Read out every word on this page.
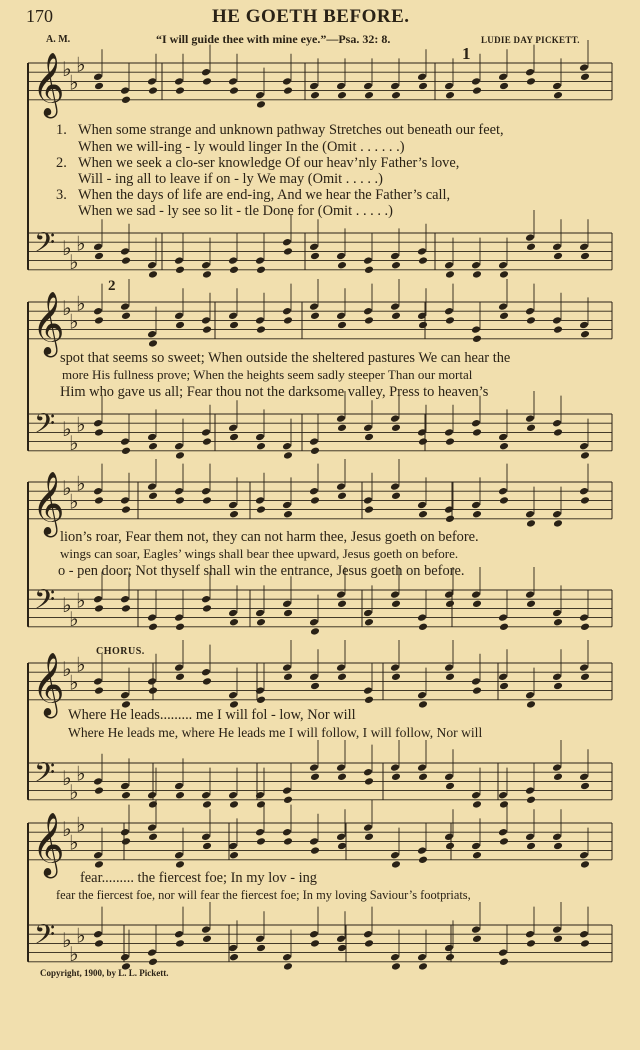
170	HE GOETH BEFORE.
A. M.	“I will guide thee with mine eye.”—Psa. 32: 8.	LUDIE DAY PICKETT.
𝄞
𝄢
♭
♭
♭
♭
♭
♭
𝄞
𝄢
♭
♭
♭
♭
♭
♭
𝄞
𝄢
♭
♭
♭
♭
♭
♭
𝄞
𝄢
♭
♭
♭
♭
♭
♭
𝄞
𝄢
♭
♭
♭
♭
♭
♭
1
2
1. When some strange and unknown pathway Stretches out beneath our feet,
When we will-ing - ly would linger In the (Omit . . . . . .)
2. When we seek a clo-ser knowledge Of our heav’nly Father’s love,
Will - ing all to leave if on - ly We may (Omit . . . . .)
3. When the days of life are end-ing, And we hear the Father’s call,
When we sad - ly see so lit - tle Done for (Omit . . . . .)
spot that seems so sweet; When outside the sheltered pastures We can hear the
more His fullness prove; When the heights seem sadly steeper Than our mortal
Him who gave us all; Fear thou not the darksome valley, Press to heaven’s
lion’s roar, Fear them not, they can not harm thee, Jesus goeth on before.
wings can soar, Eagles’ wings shall bear thee upward, Jesus goeth on before.
o - pen door; Not thyself shall win the entrance, Jesus goeth on before.
CHORUS.
Where He leads......... me I will fol - low, Nor will
Where He leads me, where He leads me I will follow, I will follow, Nor will
fear......... the fiercest foe; In my lov - ing
fear the fiercest foe, nor will fear the fiercest foe; In my loving Saviour’s footpriats,
Copyright, 1900, by L. L. Pickett.
